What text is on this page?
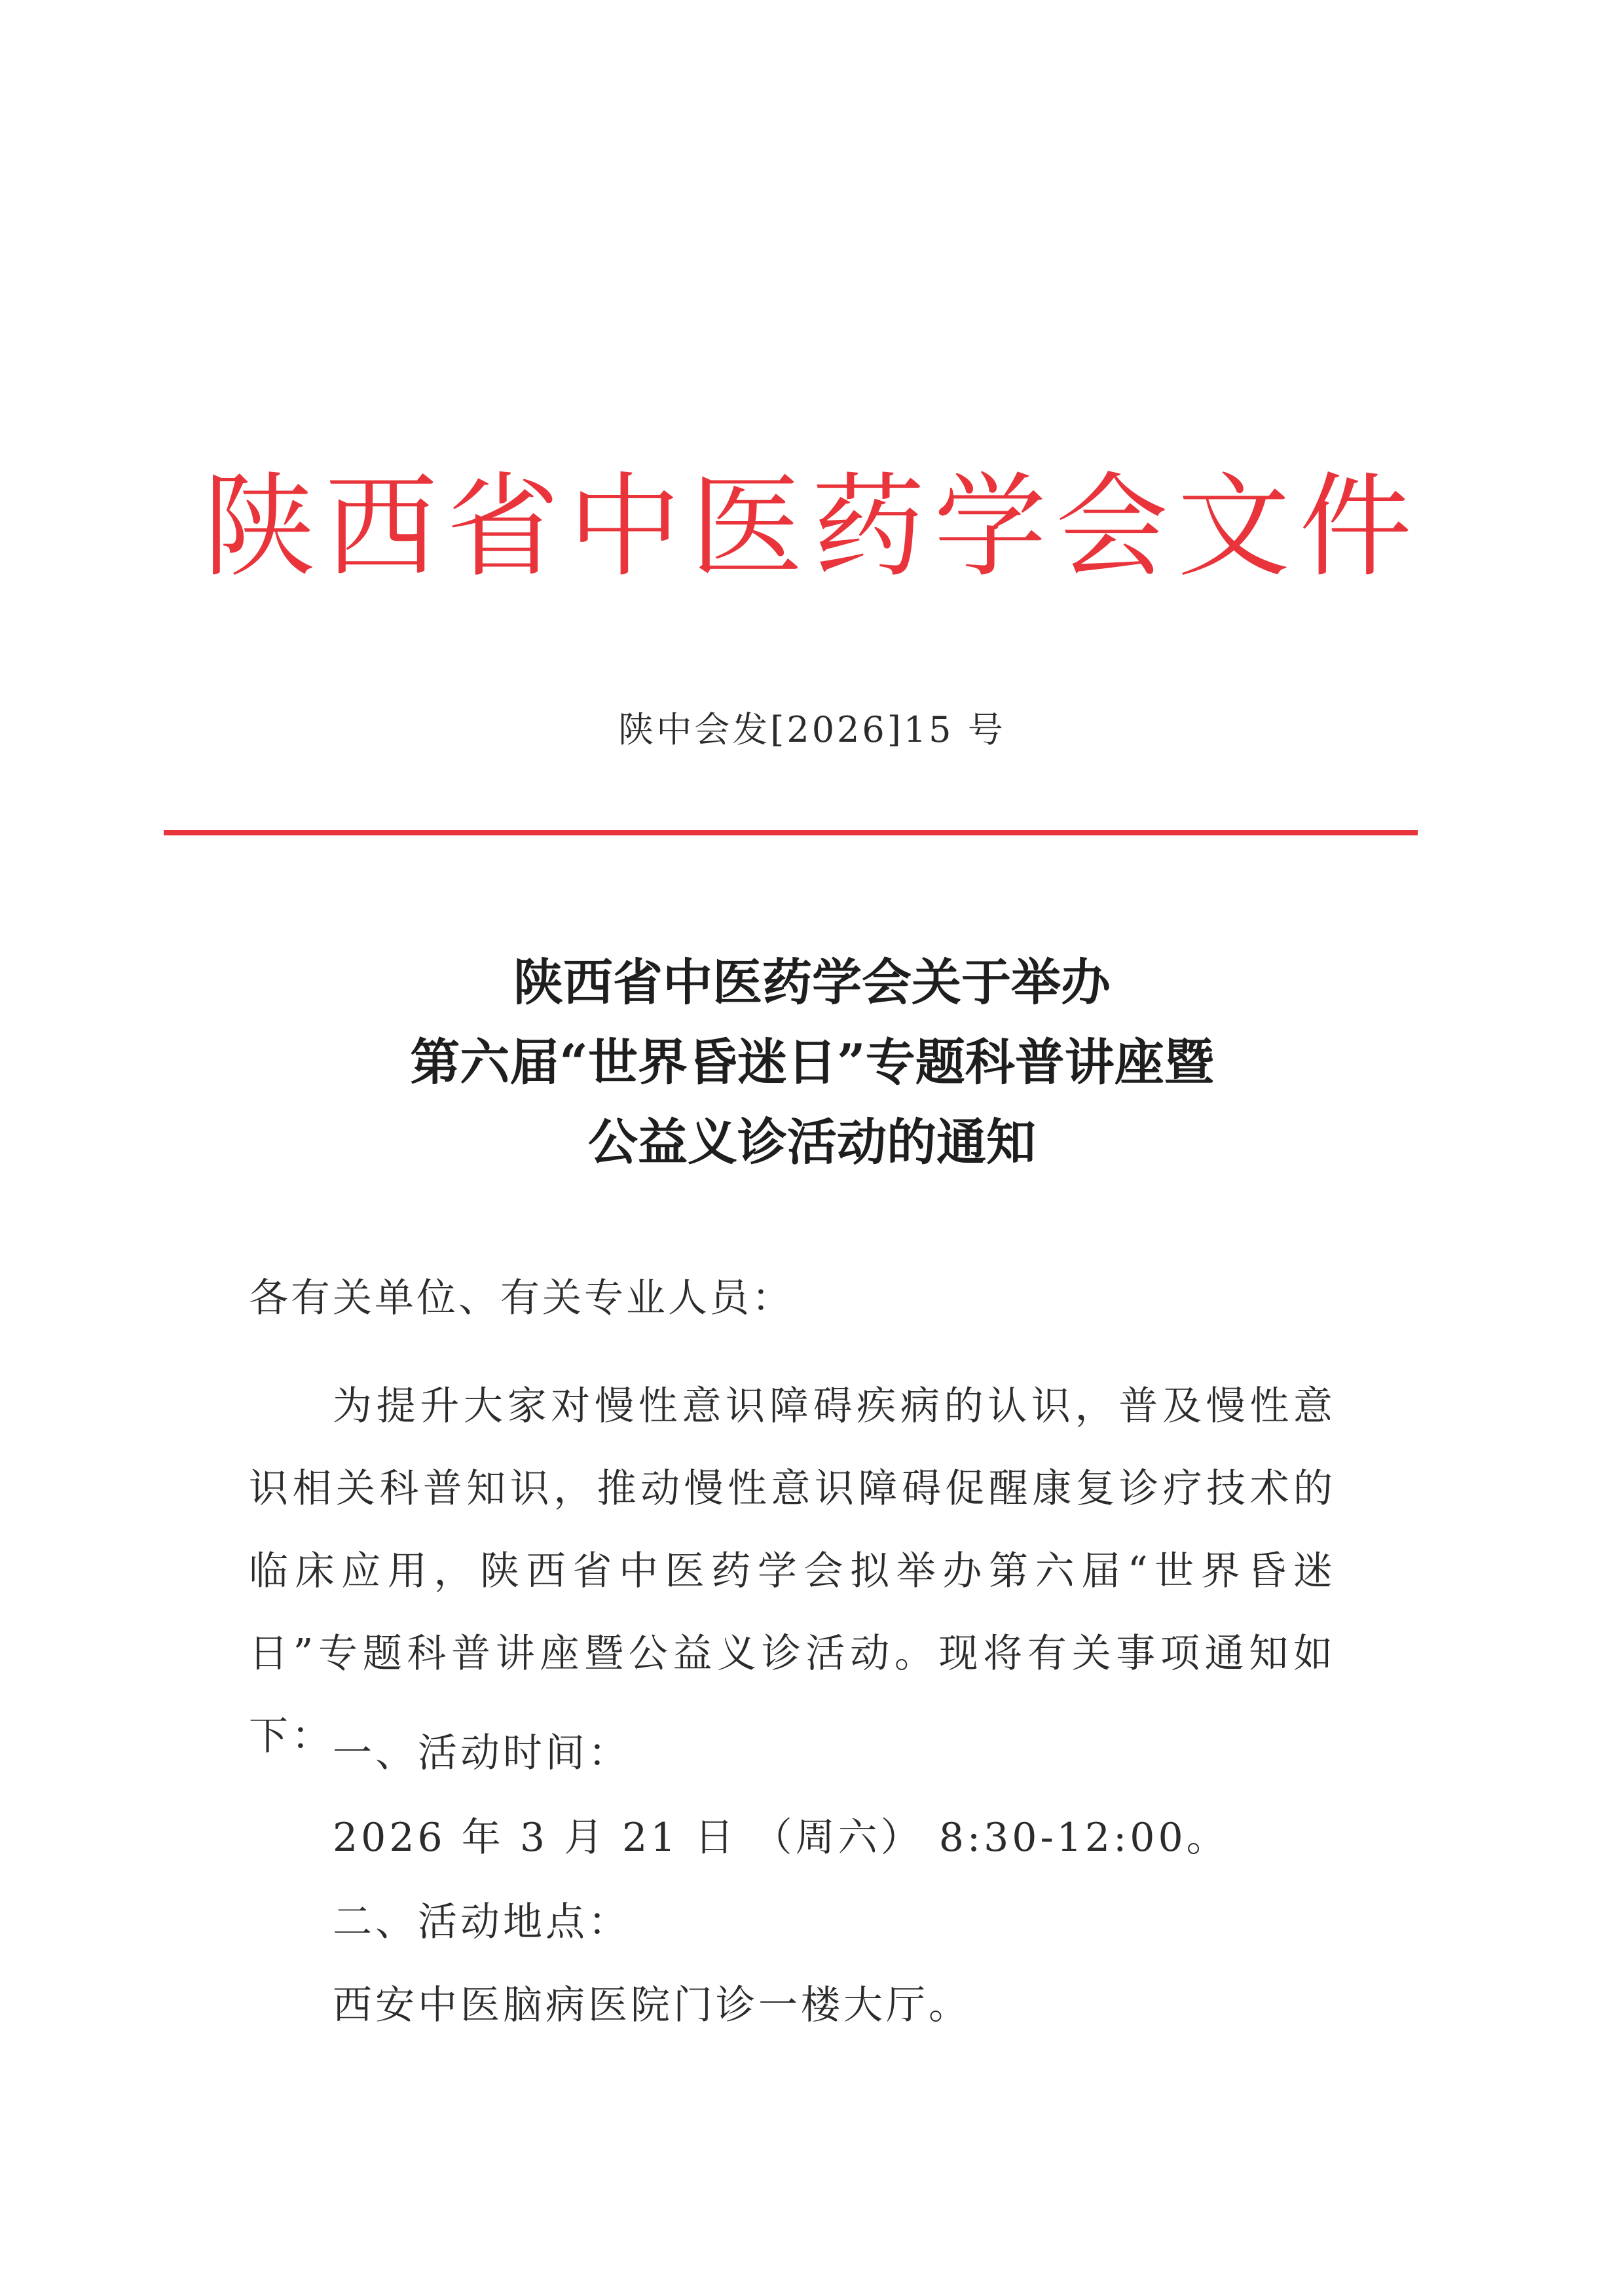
陕西省中医药学会文件
陕中会发[2026]15 号
陕西省中医药学会关于举办
第六届“世界昏迷日”专题科普讲座暨
公益义诊活动的通知
各有关单位、有关专业人员：
为提升大家对慢性意识障碍疾病的认识，普及慢性意识相关科普知识，推动慢性意识障碍促醒康复诊疗技术的临床应用，陕西省中医药学会拟举办第六届“世界昏迷日”专题科普讲座暨公益义诊活动。现将有关事项通知如下：
一、活动时间：
2026 年 3 月 21 日 （周六） 8:30-12:00。
二、活动地点：
西安中医脑病医院门诊一楼大厅。
